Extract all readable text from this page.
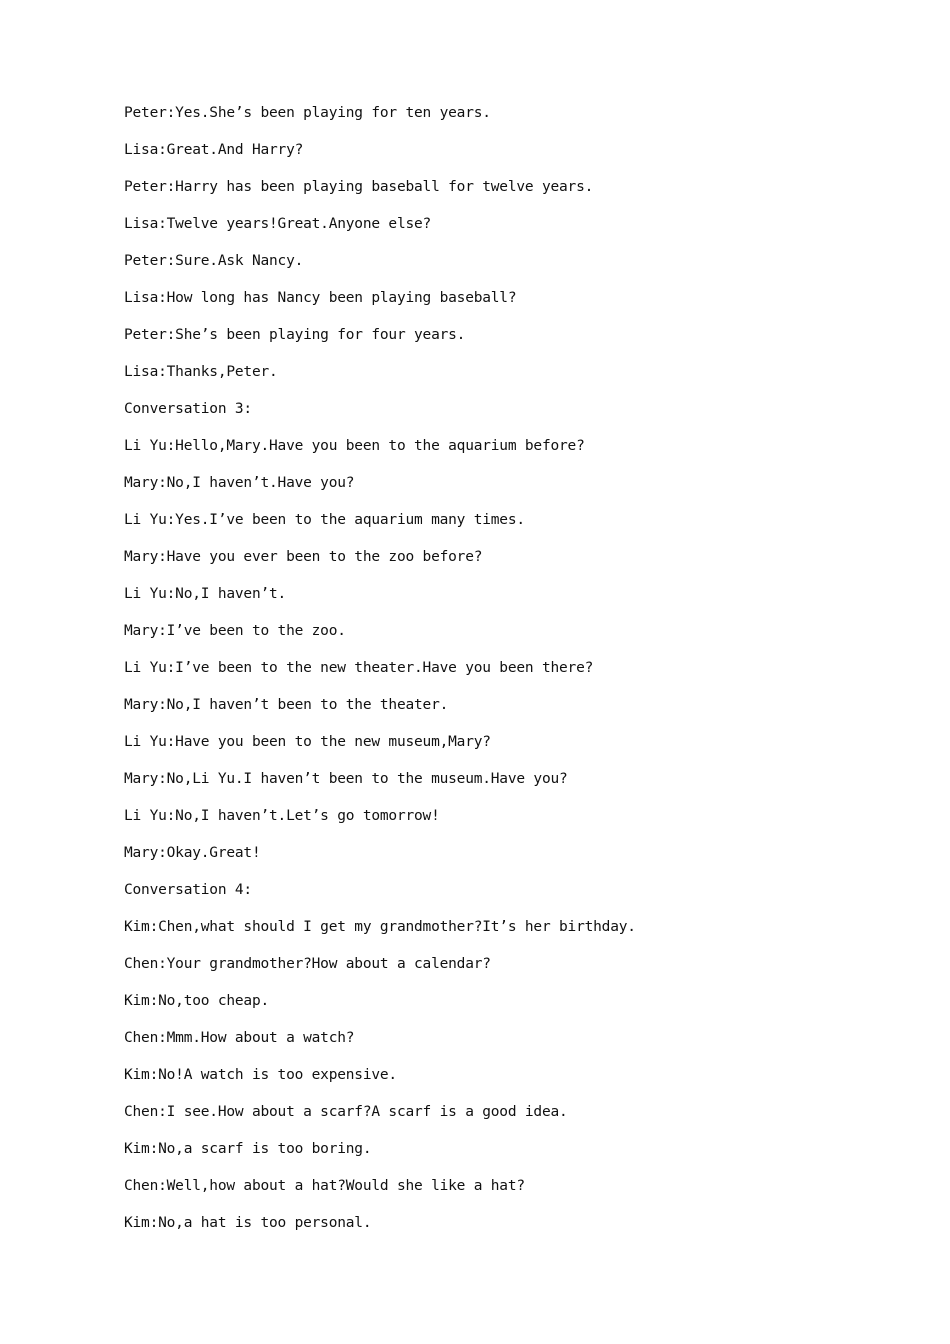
Peter:Yes.She’s been playing for ten years.
Lisa:Great.And Harry?
Peter:Harry has been playing baseball for twelve years.
Lisa:Twelve years!Great.Anyone else?
Peter:Sure.Ask Nancy.
Lisa:How long has Nancy been playing baseball?
Peter:She’s been playing for four years.
Lisa:Thanks,Peter.
Conversation 3:
Li Yu:Hello,Mary.Have you been to the aquarium before?
Mary:No,I haven’t.Have you?
Li Yu:Yes.I’ve been to the aquarium many times.
Mary:Have you ever been to the zoo before?
Li Yu:No,I haven’t.
Mary:I’ve been to the zoo.
Li Yu:I’ve been to the new theater.Have you been there?
Mary:No,I haven’t been to the theater.
Li Yu:Have you been to the new museum,Mary?
Mary:No,Li Yu.I haven’t been to the museum.Have you?
Li Yu:No,I haven’t.Let’s go tomorrow!
Mary:Okay.Great!
Conversation 4:
Kim:Chen,what should I get my grandmother?It’s her birthday.
Chen:Your grandmother?How about a calendar?
Kim:No,too cheap.
Chen:Mmm.How about a watch?
Kim:No!A watch is too expensive.
Chen:I see.How about a scarf?A scarf is a good idea.
Kim:No,a scarf is too boring.
Chen:Well,how about a hat?Would she like a hat?
Kim:No,a hat is too personal.
